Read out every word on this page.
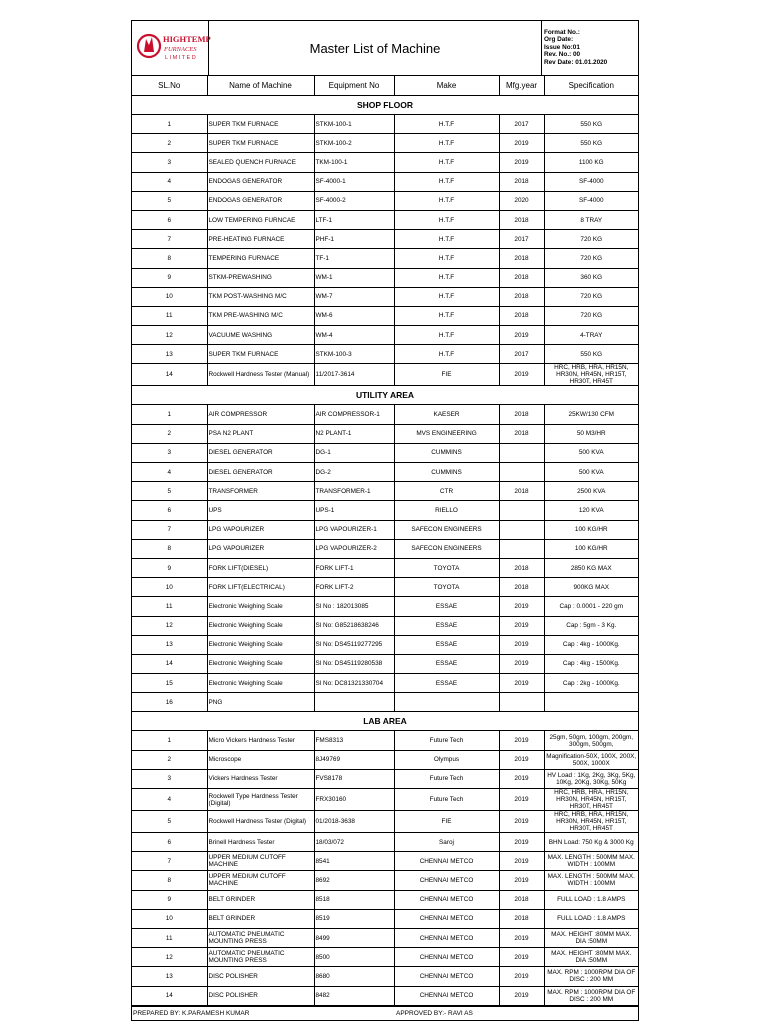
HIGHTEMP
FURNACES
LIMITED
Master List of Machine
Format No.:
Org Date:
Issue No:01
Rev. No.: 00
Rev Date: 01.01.2020
SL.No	Name of Machine	Equipment No	Make	Mfg.year	Specification
SHOP FLOOR					
1	SUPER TKM FURNACE	STKM-100-1	H.T.F	2017	550 KG
2	SUPER TKM FURNACE	STKM-100-2	H.T.F	2019	550 KG
3	SEALED QUENCH FURNACE	TKM-100-1	H.T.F	2019	1100 KG
4	ENDOGAS GENERATOR	SF-4000-1	H.T.F	2018	SF-4000
5	ENDOGAS GENERATOR	SF-4000-2	H.T.F	2020	SF-4000
6	LOW TEMPERING FURNCAE	LTF-1	H.T.F	2018	8 TRAY
7	PRE-HEATING FURNACE	PHF-1	H.T.F	2017	720 KG
8	TEMPERING FURNACE	TF-1	H.T.F	2018	720 KG
9	STKM-PREWASHING	WM-1	H.T.F	2018	360 KG
10	TKM POST-WASHING M/C	WM-7	H.T.F	2018	720 KG
11	TKM PRE-WASHING M/C	WM-6	H.T.F	2018	720 KG
12	VACUUME WASHING	WM-4	H.T.F	2019	4-TRAY
13	SUPER TKM FURNACE	STKM-100-3	H.T.F	2017	550 KG
14	Rockwell Hardness Tester (Manual)	11/2017-3614	FIE	2019	HRC, HRB, HRA, HR15N, HR30N, HR45N, HR15T, HR30T, HR45T
UTILITY AREA					
1	AIR COMPRESSOR	AIR COMPRESSOR-1	KAESER	2018	25KW/130 CFM
2	PSA N2 PLANT	N2 PLANT-1	MVS ENGINEERING	2018	50 M3/HR
3	DIESEL GENERATOR	DG-1	CUMMINS		500 KVA
4	DIESEL GENERATOR	DG-2	CUMMINS		500 KVA
5	TRANSFORMER	TRANSFORMER-1	CTR	2018	2500 KVA
6	UPS	UPS-1	RIELLO		120 KVA
7	LPG VAPOURIZER	LPG VAPOURIZER-1	SAFECON ENGINEERS		100 KG/HR
8	LPG VAPOURIZER	LPG VAPOURIZER-2	SAFECON ENGINEERS		100 KG/HR
9	FORK LIFT(DIESEL)	FORK LIFT-1	TOYOTA	2018	2850 KG MAX
10	FORK LIFT(ELECTRICAL)	FORK LIFT-2	TOYOTA	2018	900KG MAX
11	Electronic Weighing Scale	Sl No : 182013085	ESSAE	2019	Cap : 0.0001 - 220 gm
12	Electronic Weighing Scale	Sl No: G85218638246	ESSAE	2019	Cap : 5gm - 3 Kg.
13	Electronic Weighing Scale	Sl No: DS45119277295	ESSAE	2019	Cap : 4kg - 1000Kg.
14	Electronic Weighing Scale	Sl No: DS45119280538	ESSAE	2019	Cap : 4kg - 1500Kg.
15	Electronic Weighing Scale	Sl No: DC81321330704	ESSAE	2019	Cap : 2kg - 1000Kg.
16	PNG				
LAB AREA					
1	Micro Vickers Hardness Tester	FMS8313	Future Tech	2019	25gm, 50gm, 100gm, 200gm, 300gm, 500gm,
2	Microscope	8J49769	Olympus	2019	Magnification-50X, 100X, 200X, 500X, 1000X
3	Vickers Hardness Tester	FVS8178	Future Tech	2019	HV Load : 1Kg, 2Kg, 3Kg, 5Kg, 10Kg, 20Kg, 30Kg, 50Kg
4	Rockwell Type Hardness Tester (Digital)	FRX30160	Future Tech	2019	HRC, HRB, HRA, HR15N, HR30N, HR45N, HR15T, HR30T, HR45T
5	Rockwell Hardness Tester (Digital)	01/2018-3638	FIE	2019	HRC, HRB, HRA, HR15N, HR30N, HR45N, HR15T, HR30T, HR45T
6	Brinell Hardness Tester	18/03/072	Saroj	2019	BHN Load: 750 Kg & 3000 Kg
7	UPPER MEDIUM CUTOFF MACHINE	8541	CHENNAI METCO	2019	MAX. LENGTH : 500MM MAX. WIDTH : 100MM
8	UPPER MEDIUM CUTOFF MACHINE	8692	CHENNAI METCO	2019	MAX. LENGTH : 500MM MAX. WIDTH : 100MM
9	BELT GRINDER	8518	CHENNAI METCO	2018	FULL LOAD : 1.8 AMPS
10	BELT GRINDER	8519	CHENNAI METCO	2018	FULL LOAD : 1.8 AMPS
11	AUTOMATIC PNEUMATIC MOUNTING PRESS	8499	CHENNAI METCO	2019	MAX. HEIGHT :80MM MAX. DIA :50MM
12	AUTOMATIC PNEUMATIC MOUNTING PRESS	8500	CHENNAI METCO	2019	MAX. HEIGHT :80MM MAX. DIA :50MM
13	DISC POLISHER	8680	CHENNAI METCO	2019	MAX. RPM : 1000RPM DIA OF DISC : 200 MM
14	DISC POLISHER	8482	CHENNAI METCO	2019	MAX. RPM : 1000RPM DIA OF DISC : 200 MM
PREPARED BY: K.PARAMESH KUMAR	APPROVED BY:- RAVI AS
